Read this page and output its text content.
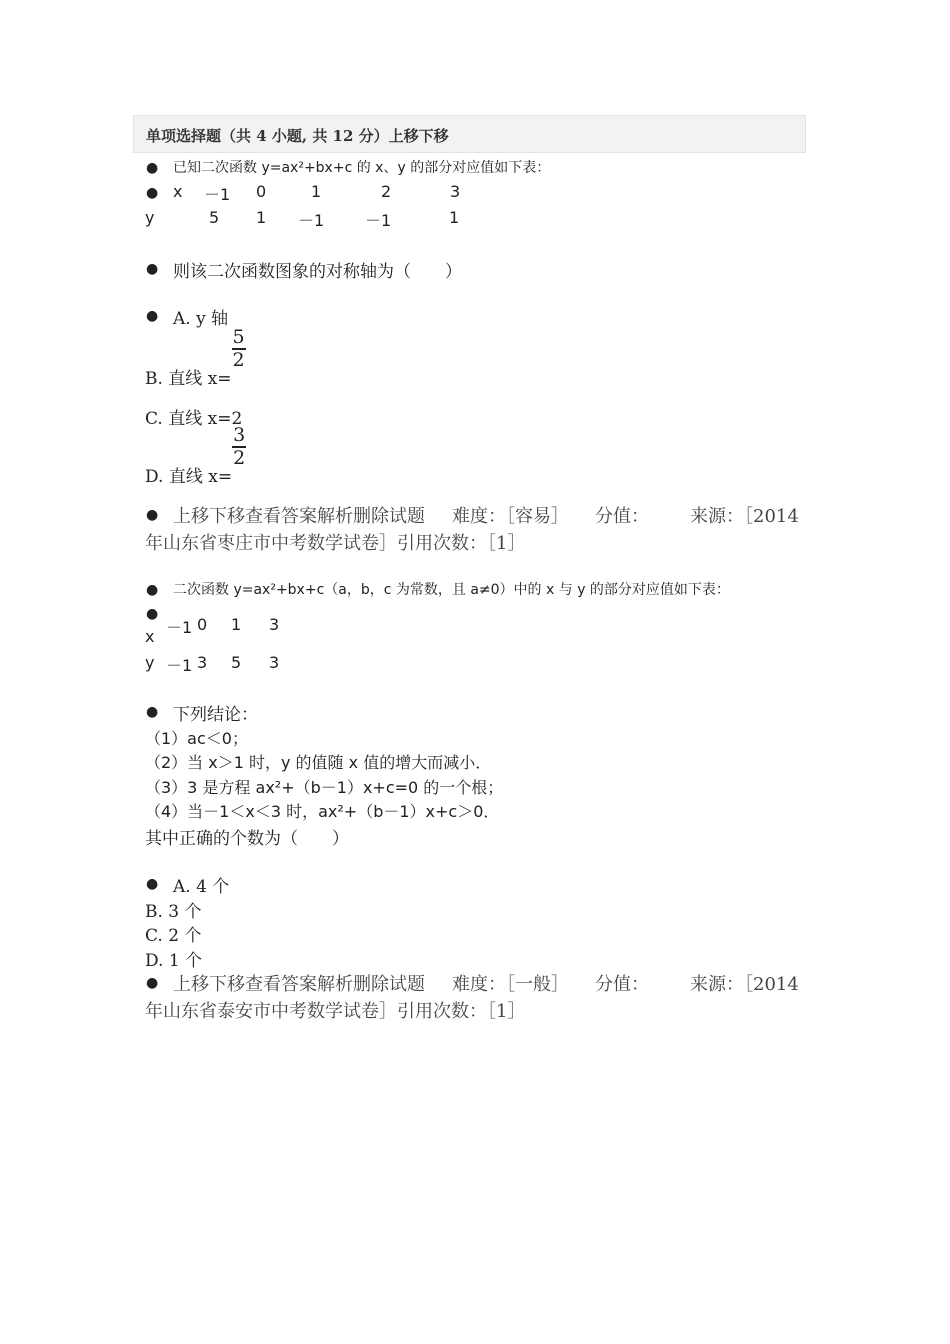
单项选择题（共 4 小题, 共 12 分）上移下移
● 已知二次函数 y=ax²+bx+c 的 x、y 的部分对应值如下表：
● x －1 0	1	2	3
y	5 1 －1	－1	1
● 则该二次函数图象的对称轴为（　　）
● A. y 轴
B. 直线 x=
$\frac{5}{2}$
C. 直线 x=2
D. 直线 x=
$\frac{3}{2}$
● 上移下移查看答案解析删除试题 难度：［容易］ 分值： 来源：［2014
年山东省枣庄市中考数学试卷］引用次数：［1］
● 二次函数 y=ax²+bx+c（a，b，c 为常数，且 a≠0）中的 x 与 y 的部分对应值如下表：
●
x －1 0 1 3
y －1 3 5 3
● 下列结论：
（1）ac＜0；
（2）当 x＞1 时，y 的值随 x 值的增大而减小．
（3）3 是方程 ax²+（b－1）x+c=0 的一个根；
（4）当－1＜x＜3 时，ax²+（b－1）x+c＞0．
其中正确的个数为（　　）
● A. 4 个
B. 3 个
C. 2 个
D. 1 个
● 上移下移查看答案解析删除试题 难度：［一般］ 分值： 来源：［2014
年山东省泰安市中考数学试卷］引用次数：［1］
